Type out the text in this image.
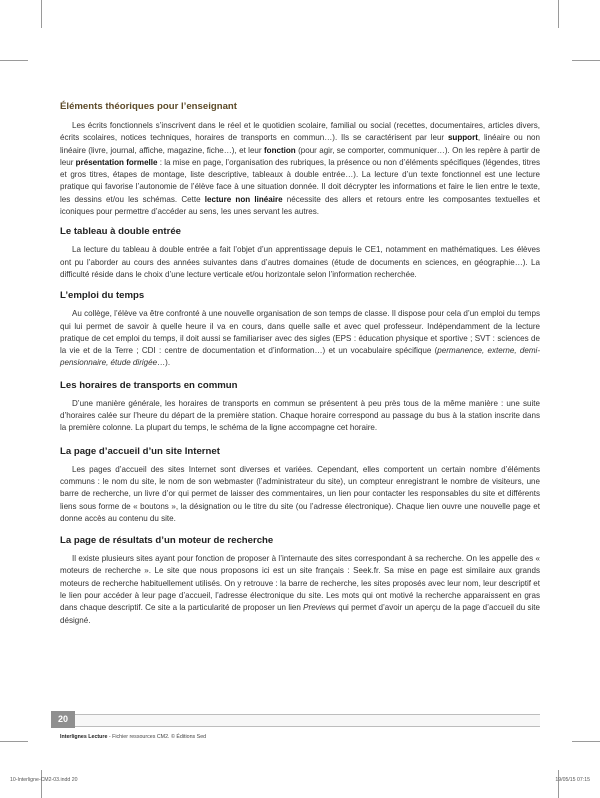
Éléments théoriques pour l’enseignant

Les écrits fonctionnels s’inscrivent dans le réel et le quotidien scolaire, familial ou social (recettes, documentaires, articles divers, écrits scolaires, notices techniques, horaires de transports en commun…). Ils se caractérisent par leur support, linéaire ou non linéaire (livre, journal, affiche, magazine, fiche…), et leur fonction (pour agir, se comporter, communiquer…). On les repère à partir de leur présentation formelle : la mise en page, l’organisation des rubriques, la présence ou non d’éléments spécifiques (légendes, titres et gros titres, étapes de montage, liste descriptive, tableaux à double entrée…). La lecture d’un texte fonctionnel est une lecture pratique qui favorise l’autonomie de l’élève face à une situation donnée. Il doit décrypter les informations et faire le lien entre le texte, les dessins et/ou les schémas. Cette lecture non linéaire nécessite des allers et retours entre les composantes textuelles et iconiques pour permettre d’accéder au sens, les unes servant les autres.

Le tableau à double entrée

La lecture du tableau à double entrée a fait l’objet d’un apprentissage depuis le CE1, notamment en mathématiques. Les élèves ont pu l’aborder au cours des années suivantes dans d’autres domaines (étude de documents en sciences, en géographie…). La difficulté réside dans le choix d’une lecture verticale et/ou horizontale selon l’information recherchée.

L’emploi du temps

Au collège, l’élève va être confronté à une nouvelle organisation de son temps de classe. Il dispose pour cela d’un emploi du temps qui lui permet de savoir à quelle heure il va en cours, dans quelle salle et avec quel professeur. Indépendamment de la lecture pratique de cet emploi du temps, il doit aussi se familiariser avec des sigles (EPS : éducation physique et sportive ; SVT : sciences de la vie et de la Terre ; CDI : centre de documentation et d’information…) et un vocabulaire spécifique (permanence, externe, demi-pensionnaire, étude dirigée…).

Les horaires de transports en commun

D’une manière générale, les horaires de transports en commun se présentent à peu près tous de la même manière : une suite d’horaires calée sur l’heure du départ de la première station. Chaque horaire correspond au passage du bus à la station inscrite dans la première colonne. La plupart du temps, le schéma de la ligne accompagne cet horaire.

La page d’accueil d’un site Internet

Les pages d’accueil des sites Internet sont diverses et variées. Cependant, elles comportent un certain nombre d’éléments communs : le nom du site, le nom de son webmaster (l’administrateur du site), un compteur enregistrant le nombre de visiteurs, une barre de recherche, un livre d’or qui permet de laisser des commentaires, un lien pour contacter les responsables du site et différents liens sous forme de « boutons », la désignation ou le titre du site (ou l’adresse électronique). Chaque lien ouvre une nouvelle page et donne accès au contenu du site.

La page de résultats d’un moteur de recherche

Il existe plusieurs sites ayant pour fonction de proposer à l’internaute des sites correspondant à sa recherche. On les appelle des « moteurs de recherche ». Le site que nous proposons ici est un site français : Seek.fr. Sa mise en page est similaire aux grands moteurs de recherche habituellement utilisés. On y retrouve : la barre de recherche, les sites proposés avec leur nom, leur descriptif et le lien pour accéder à leur page d’accueil, l’adresse électronique du site. Les mots qui ont motivé la recherche apparaissent en gras dans chaque descriptif. Ce site a la particularité de proposer un lien Previews qui permet d’avoir un aperçu de la page d’accueil du site désigné.

20
Interlignes Lecture - Fichier ressources CM2. © Éditions Sed
10-Interligne-CM2-03.indd 20	19/05/15 07:15
